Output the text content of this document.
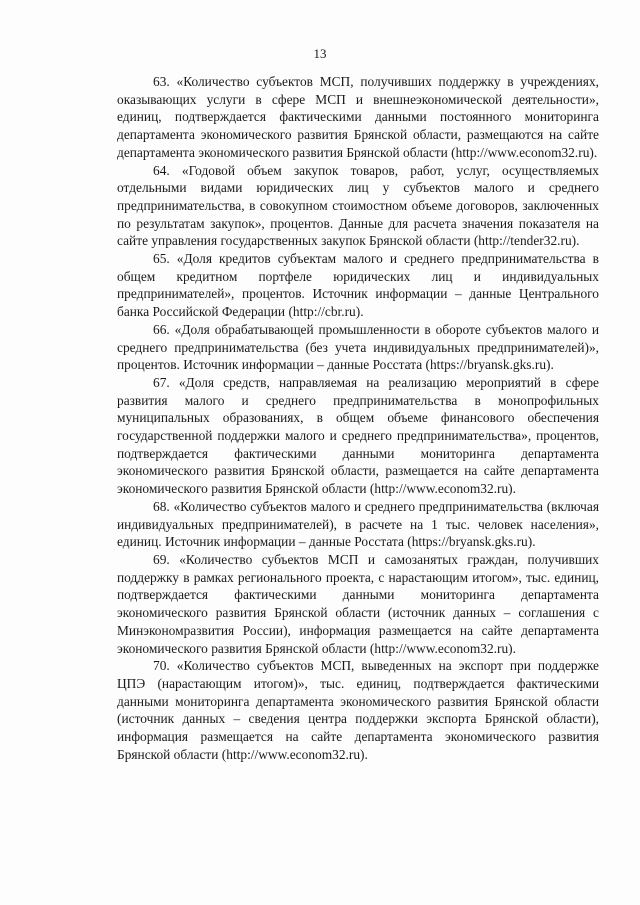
13

63. «Количество субъектов МСП, получивших поддержку в учреждениях, оказывающих услуги в сфере МСП и внешнеэкономической деятельности», единиц, подтверждается фактическими данными постоянного мониторинга департамента экономического развития Брянской области, размещаются на сайте департамента экономического развития Брянской области (http://www.econom32.ru).

64. «Годовой объем закупок товаров, работ, услуг, осуществляемых отдельными видами юридических лиц у субъектов малого и среднего предпринимательства, в совокупном стоимостном объеме договоров, заключенных по результатам закупок», процентов. Данные для расчета значения показателя на сайте управления государственных закупок Брянской области (http://tender32.ru).

65. «Доля кредитов субъектам малого и среднего предпринимательства в общем кредитном портфеле юридических лиц и индивидуальных предпринимателей», процентов. Источник информации – данные Центрального банка Российской Федерации (http://cbr.ru).

66. «Доля обрабатывающей промышленности в обороте субъектов малого и среднего предпринимательства (без учета индивидуальных предпринимателей)», процентов. Источник информации – данные Росстата (https://bryansk.gks.ru).

67. «Доля средств, направляемая на реализацию мероприятий в сфере развития малого и среднего предпринимательства в монопрофильных муниципальных образованиях, в общем объеме финансового обеспечения государственной поддержки малого и среднего предпринимательства», процентов, подтверждается фактическими данными мониторинга департамента экономического развития Брянской области, размещается на сайте департамента экономического развития Брянской области (http://www.econom32.ru).

68. «Количество субъектов малого и среднего предпринимательства (включая индивидуальных предпринимателей), в расчете на 1 тыс. человек населения», единиц. Источник информации – данные Росстата (https://bryansk.gks.ru).

69. «Количество субъектов МСП и самозанятых граждан, получивших поддержку в рамках регионального проекта, с нарастающим итогом», тыс. единиц, подтверждается фактическими данными мониторинга департамента экономического развития Брянской области (источник данных – соглашения с Минэкономразвития России), информация размещается на сайте департамента экономического развития Брянской области (http://www.econom32.ru).

70. «Количество субъектов МСП, выведенных на экспорт при поддержке ЦПЭ (нарастающим итогом)», тыс. единиц, подтверждается фактическими данными мониторинга департамента экономического развития Брянской области (источник данных – сведения центра поддержки экспорта Брянской области), информация размещается на сайте департамента экономического развития Брянской области (http://www.econom32.ru).
